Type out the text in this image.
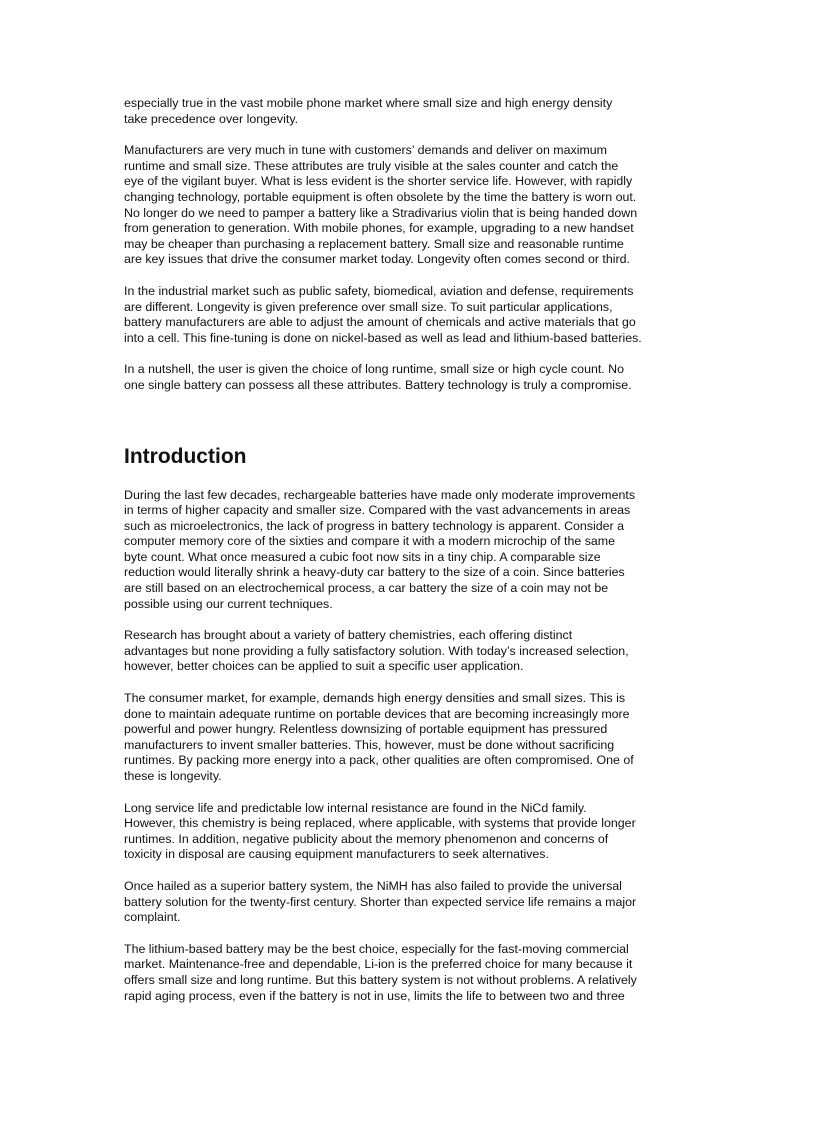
especially true in the vast mobile phone market where small size and high energy density
take precedence over longevity.

Manufacturers are very much in tune with customers’ demands and deliver on maximum
runtime and small size. These attributes are truly visible at the sales counter and catch the
eye of the vigilant buyer. What is less evident is the shorter service life. However, with rapidly
changing technology, portable equipment is often obsolete by the time the battery is worn out.
No longer do we need to pamper a battery like a Stradivarius violin that is being handed down
from generation to generation. With mobile phones, for example, upgrading to a new handset
may be cheaper than purchasing a replacement battery. Small size and reasonable runtime
are key issues that drive the consumer market today. Longevity often comes second or third.

In the industrial market such as public safety, biomedical, aviation and defense, requirements
are different. Longevity is given preference over small size. To suit particular applications,
battery manufacturers are able to adjust the amount of chemicals and active materials that go
into a cell. This fine-tuning is done on nickel-based as well as lead and lithium-based batteries.

In a nutshell, the user is given the choice of long runtime, small size or high cycle count. No
one single battery can possess all these attributes. Battery technology is truly a compromise.

Introduction

During the last few decades, rechargeable batteries have made only moderate improvements
in terms of higher capacity and smaller size. Compared with the vast advancements in areas
such as microelectronics, the lack of progress in battery technology is apparent. Consider a
computer memory core of the sixties and compare it with a modern microchip of the same
byte count. What once measured a cubic foot now sits in a tiny chip. A comparable size
reduction would literally shrink a heavy-duty car battery to the size of a coin. Since batteries
are still based on an electrochemical process, a car battery the size of a coin may not be
possible using our current techniques.

Research has brought about a variety of battery chemistries, each offering distinct
advantages but none providing a fully satisfactory solution. With today’s increased selection,
however, better choices can be applied to suit a specific user application.

The consumer market, for example, demands high energy densities and small sizes. This is
done to maintain adequate runtime on portable devices that are becoming increasingly more
powerful and power hungry. Relentless downsizing of portable equipment has pressured
manufacturers to invent smaller batteries. This, however, must be done without sacrificing
runtimes. By packing more energy into a pack, other qualities are often compromised. One of
these is longevity.

Long service life and predictable low internal resistance are found in the NiCd family.
However, this chemistry is being replaced, where applicable, with systems that provide longer
runtimes. In addition, negative publicity about the memory phenomenon and concerns of
toxicity in disposal are causing equipment manufacturers to seek alternatives.

Once hailed as a superior battery system, the NiMH has also failed to provide the universal
battery solution for the twenty-first century. Shorter than expected service life remains a major
complaint.

The lithium-based battery may be the best choice, especially for the fast-moving commercial
market. Maintenance-free and dependable, Li-ion is the preferred choice for many because it
offers small size and long runtime. But this battery system is not without problems. A relatively
rapid aging process, even if the battery is not in use, limits the life to between two and three
